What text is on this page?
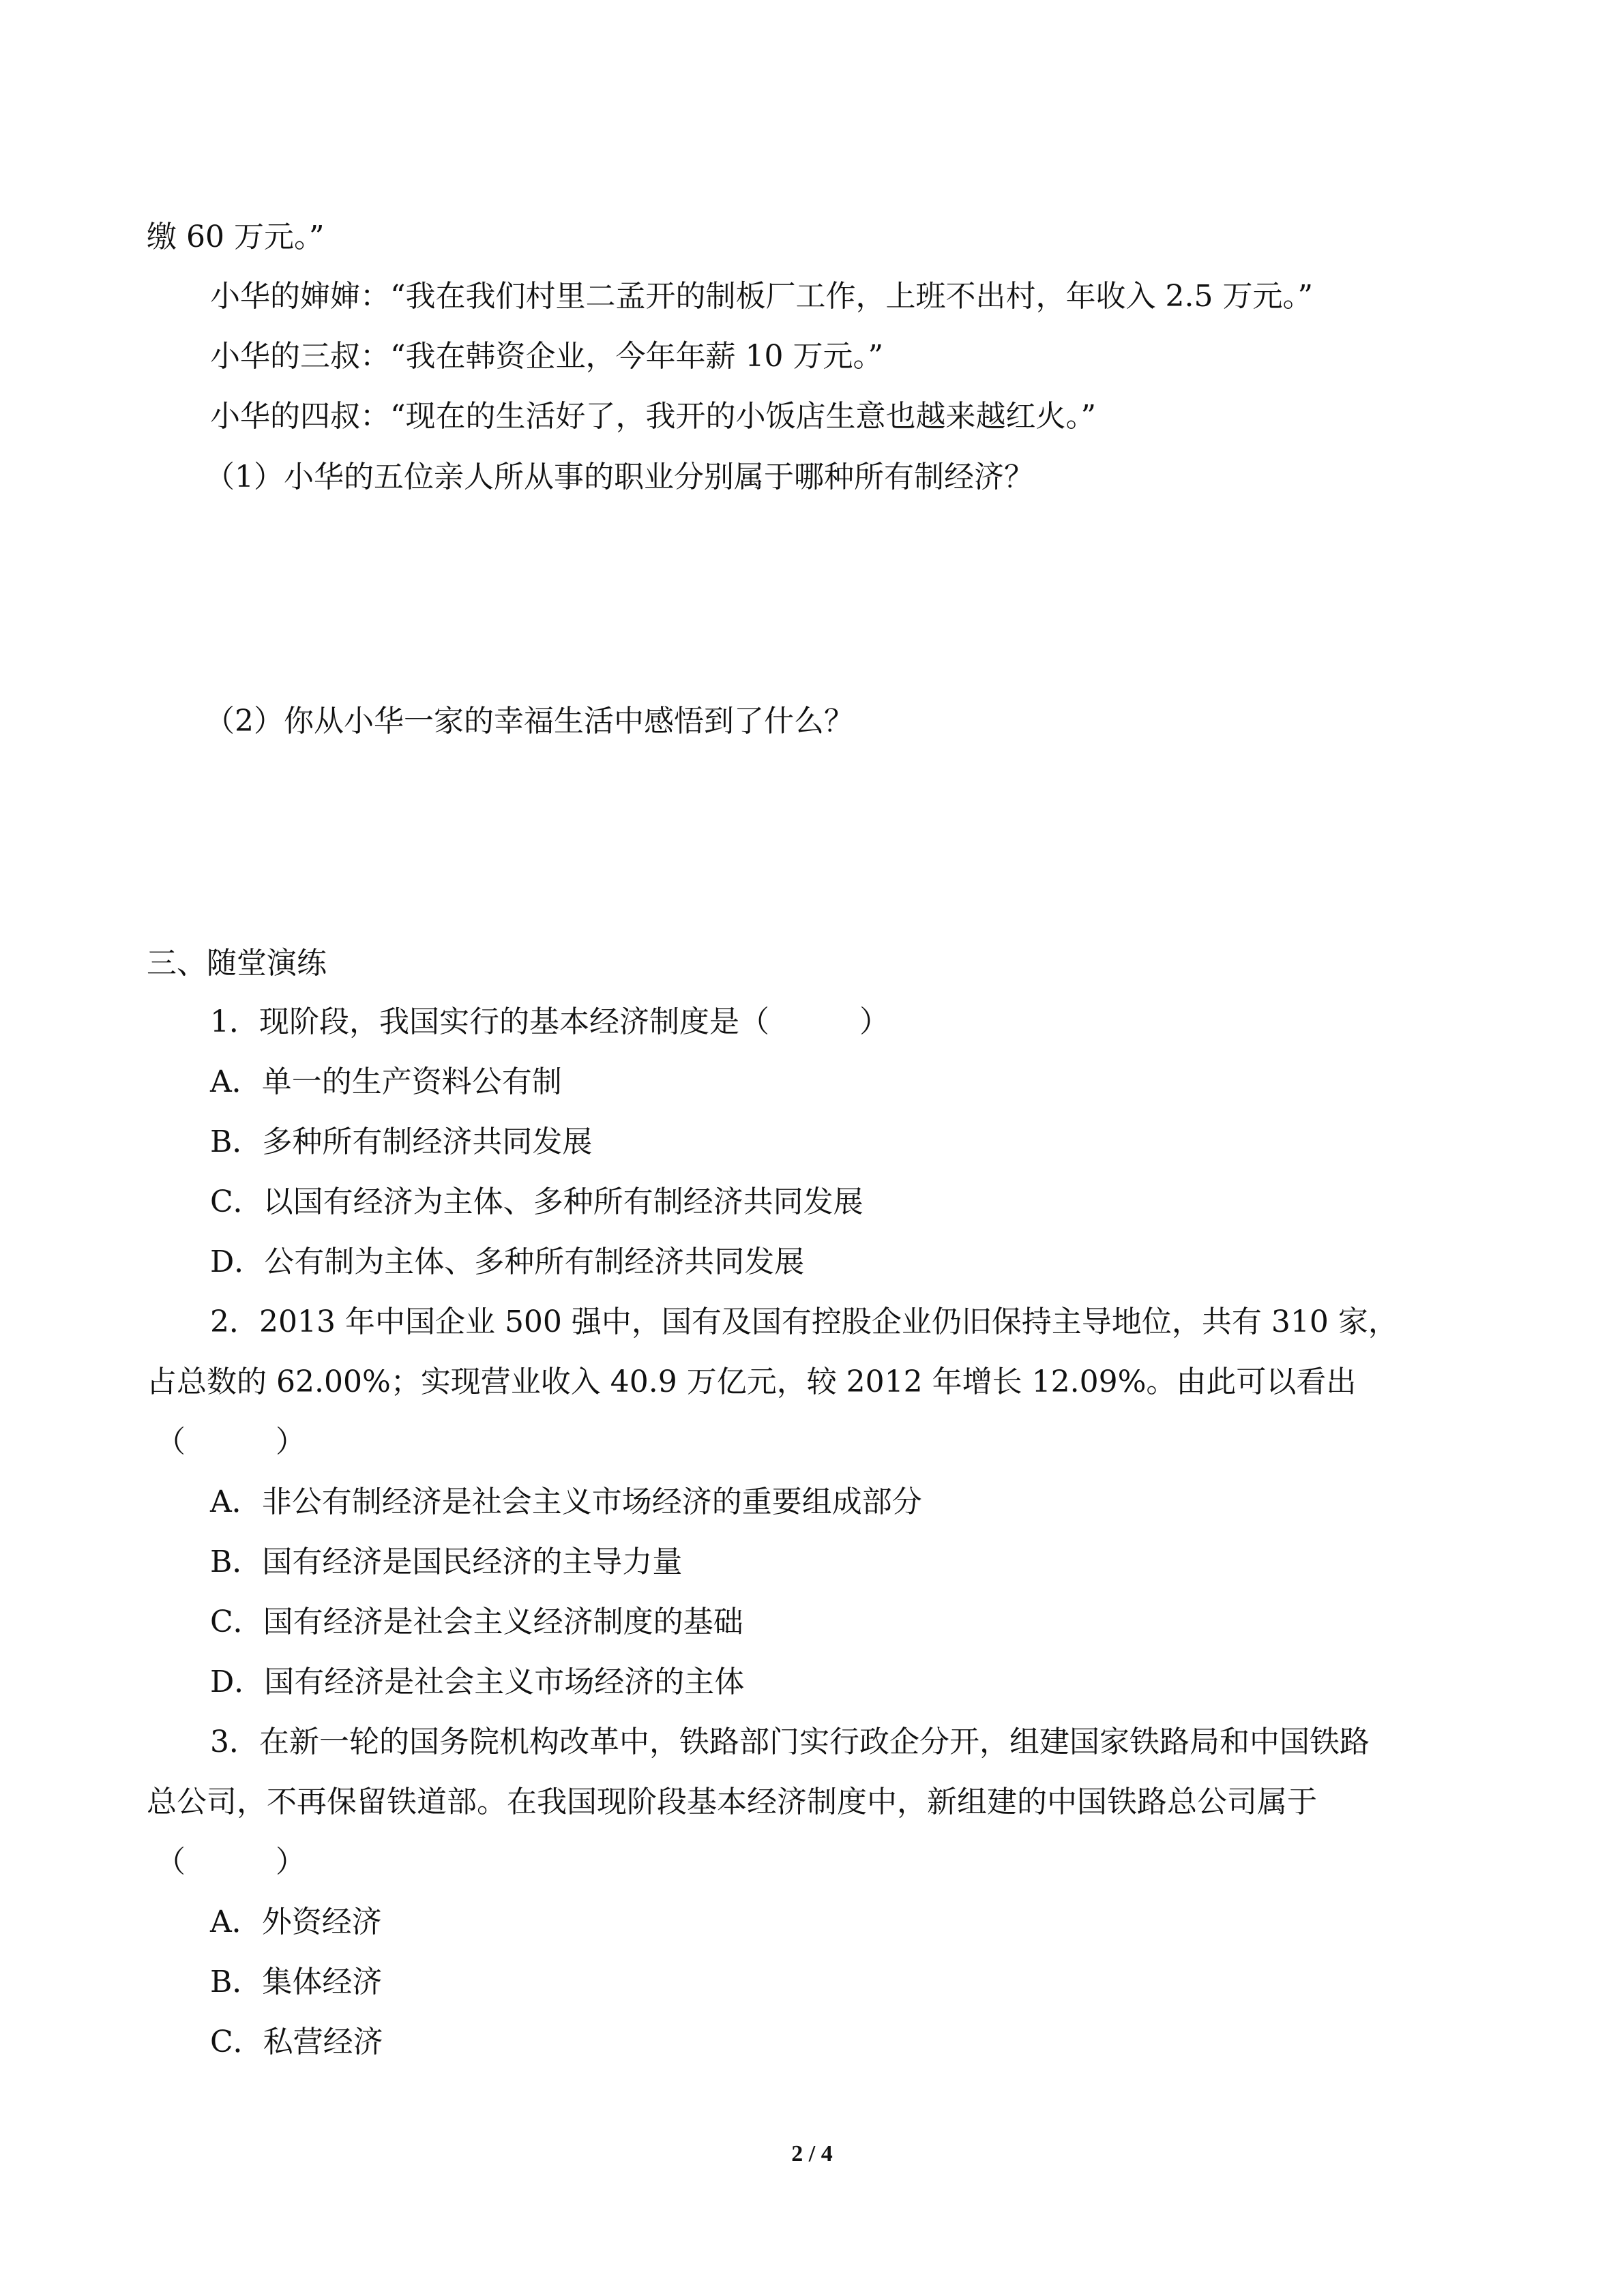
缴 60 万元。”
小华的婶婶：“我在我们村里二孟开的制板厂工作，上班不出村，年收入 2.5 万元。”
小华的三叔：“我在韩资企业，今年年薪 10 万元。”
小华的四叔：“现在的生活好了，我开的小饭店生意也越来越红火。”
（1）小华的五位亲人所从事的职业分别属于哪种所有制经济？
（2）你从小华一家的幸福生活中感悟到了什么？
三、随堂演练
1．现阶段，我国实行的基本经济制度是（　　　）
A．单一的生产资料公有制
B．多种所有制经济共同发展
C．以国有经济为主体、多种所有制经济共同发展
D．公有制为主体、多种所有制经济共同发展
2．2013 年中国企业 500 强中，国有及国有控股企业仍旧保持主导地位，共有 310 家，
占总数的 62.00%；实现营业收入 40.9 万亿元，较 2012 年增长 12.09%。由此可以看出
（　　　）
A．非公有制经济是社会主义市场经济的重要组成部分
B．国有经济是国民经济的主导力量
C．国有经济是社会主义经济制度的基础
D．国有经济是社会主义市场经济的主体
3．在新一轮的国务院机构改革中，铁路部门实行政企分开，组建国家铁路局和中国铁路
总公司，不再保留铁道部。在我国现阶段基本经济制度中，新组建的中国铁路总公司属于
（　　　）
A．外资经济
B．集体经济
C．私营经济
2 / 4
